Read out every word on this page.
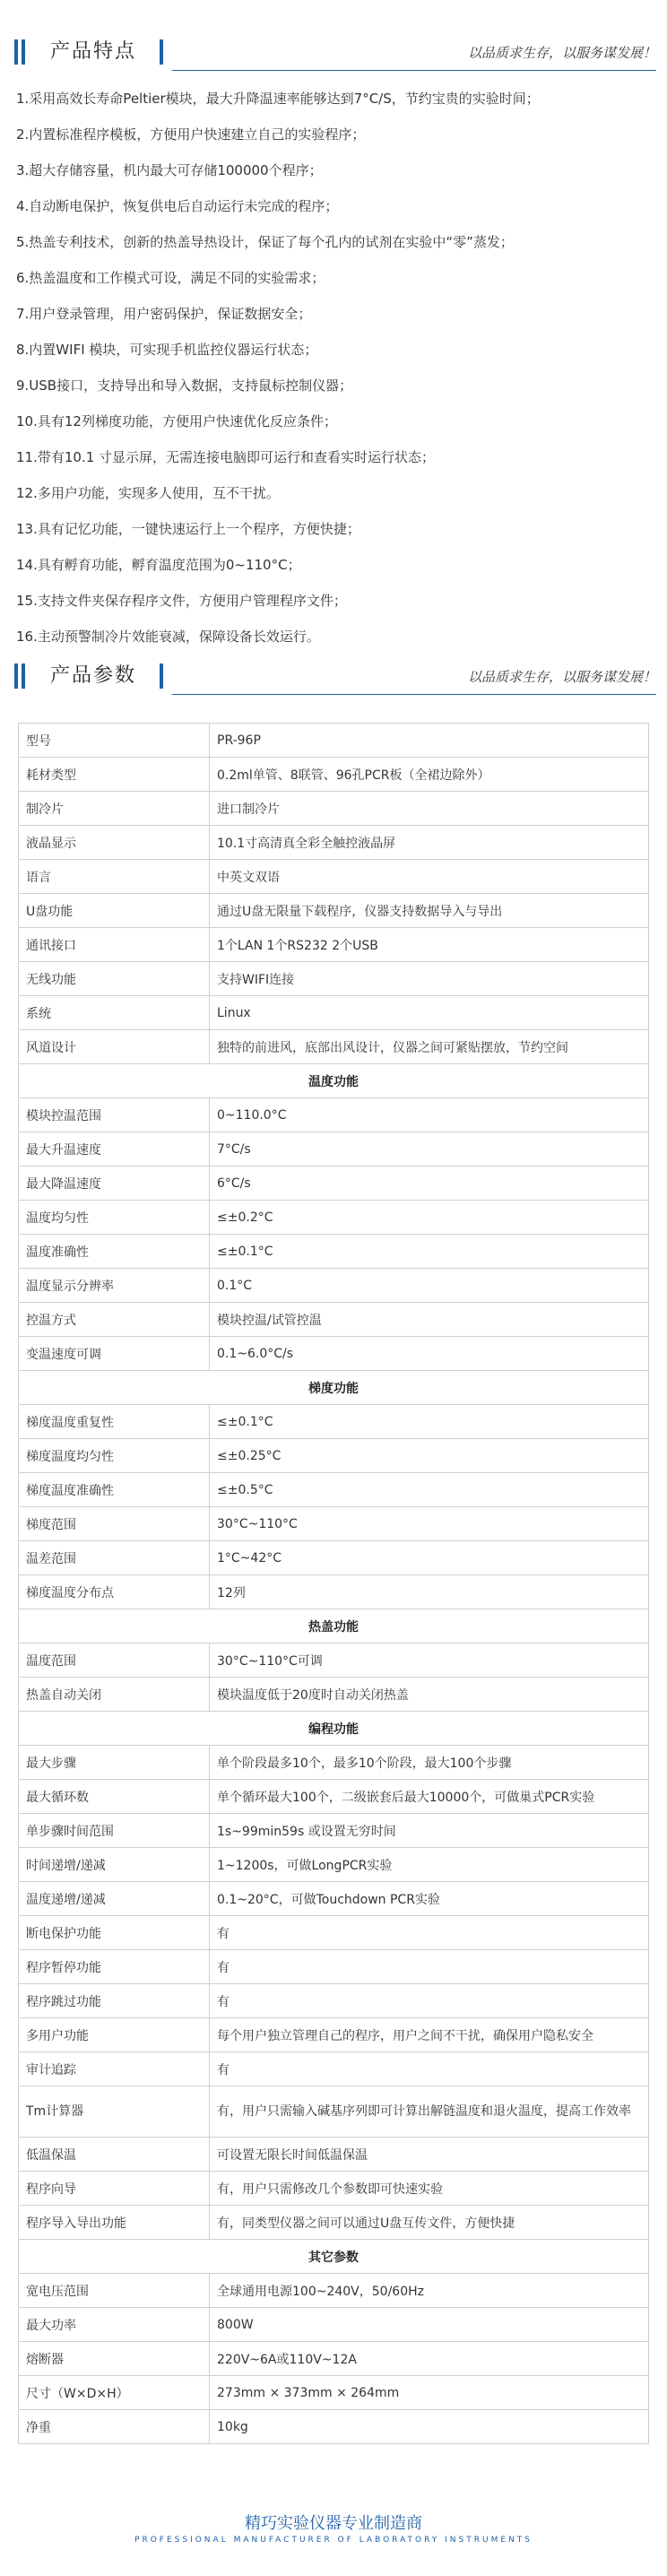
产品特点	以品质求生存，以服务谋发展！
1.采用高效长寿命Peltier模块，最大升降温速率能够达到7°C/S，节约宝贵的实验时间；
2.内置标准程序模板，方便用户快速建立自己的实验程序；
3.超大存储容量，机内最大可存储100000个程序；
4.自动断电保护，恢复供电后自动运行未完成的程序；
5.热盖专利技术，创新的热盖导热设计，保证了每个孔内的试剂在实验中“零”蒸发；
6.热盖温度和工作模式可设，满足不同的实验需求；
7.用户登录管理，用户密码保护，保证数据安全；
8.内置WIFI 模块，可实现手机监控仪器运行状态；
9.USB接口，支持导出和导入数据，支持鼠标控制仪器；
10.具有12列梯度功能，方便用户快速优化反应条件；
11.带有10.1 寸显示屏，无需连接电脑即可运行和查看实时运行状态；
12.多用户功能，实现多人使用，互不干扰。
13.具有记忆功能，一键快速运行上一个程序，方便快捷；
14.具有孵育功能，孵育温度范围为0~110°C；
15.支持文件夹保存程序文件，方便用户管理程序文件；
16.主动预警制冷片效能衰减，保障设备长效运行。
产品参数	以品质求生存，以服务谋发展！
型号	PR-96P
耗材类型	0.2ml单管、8联管、96孔PCR板（全裙边除外）
制冷片	进口制冷片
液晶显示	10.1寸高清真全彩全触控液晶屏
语言	中英文双语
U盘功能	通过U盘无限量下载程序，仪器支持数据导入与导出
通讯接口	1个LAN 1个RS232 2个USB
无线功能	支持WIFI连接
系统	Linux
风道设计	独特的前进风，底部出风设计，仪器之间可紧贴摆放，节约空间
温度功能	
模块控温范围	0~110.0°C
最大升温速度	7°C/s
最大降温速度	6°C/s
温度均匀性	≤±0.2°C
温度准确性	≤±0.1°C
温度显示分辨率	0.1°C
控温方式	模块控温/试管控温
变温速度可调	0.1~6.0°C/s
梯度功能	
梯度温度重复性	≤±0.1°C
梯度温度均匀性	≤±0.25°C
梯度温度准确性	≤±0.5°C
梯度范围	30°C~110°C
温差范围	1°C~42°C
梯度温度分布点	12列
热盖功能	
温度范围	30°C~110°C可调
热盖自动关闭	模块温度低于20度时自动关闭热盖
编程功能	
最大步骤	单个阶段最多10个，最多10个阶段，最大100个步骤
最大循环数	单个循环最大100个，二级嵌套后最大10000个，可做巢式PCR实验
单步骤时间范围	1s~99min59s 或设置无穷时间
时间递增/递减	1~1200s，可做LongPCR实验
温度递增/递减	0.1~20°C，可做Touchdown PCR实验
断电保护功能	有
程序暂停功能	有
程序跳过功能	有
多用户功能	每个用户独立管理自己的程序，用户之间不干扰，确保用户隐私安全
审计追踪	有
Tm计算器	有，用户只需输入碱基序列即可计算出解链温度和退火温度，提高工作效率
低温保温	可设置无限长时间低温保温
程序向导	有，用户只需修改几个参数即可快速实验
程序导入导出功能	有，同类型仪器之间可以通过U盘互传文件，方便快捷
其它参数	
宽电压范围	全球通用电源100~240V，50/60Hz
最大功率	800W
熔断器	220V~6A或110V~12A
尺寸（W×D×H）	273mm × 373mm × 264mm
净重	10kg
精巧实验仪器专业制造商
PROFESSIONAL MANUFACTURER OF LABORATORY INSTRUMENTS
